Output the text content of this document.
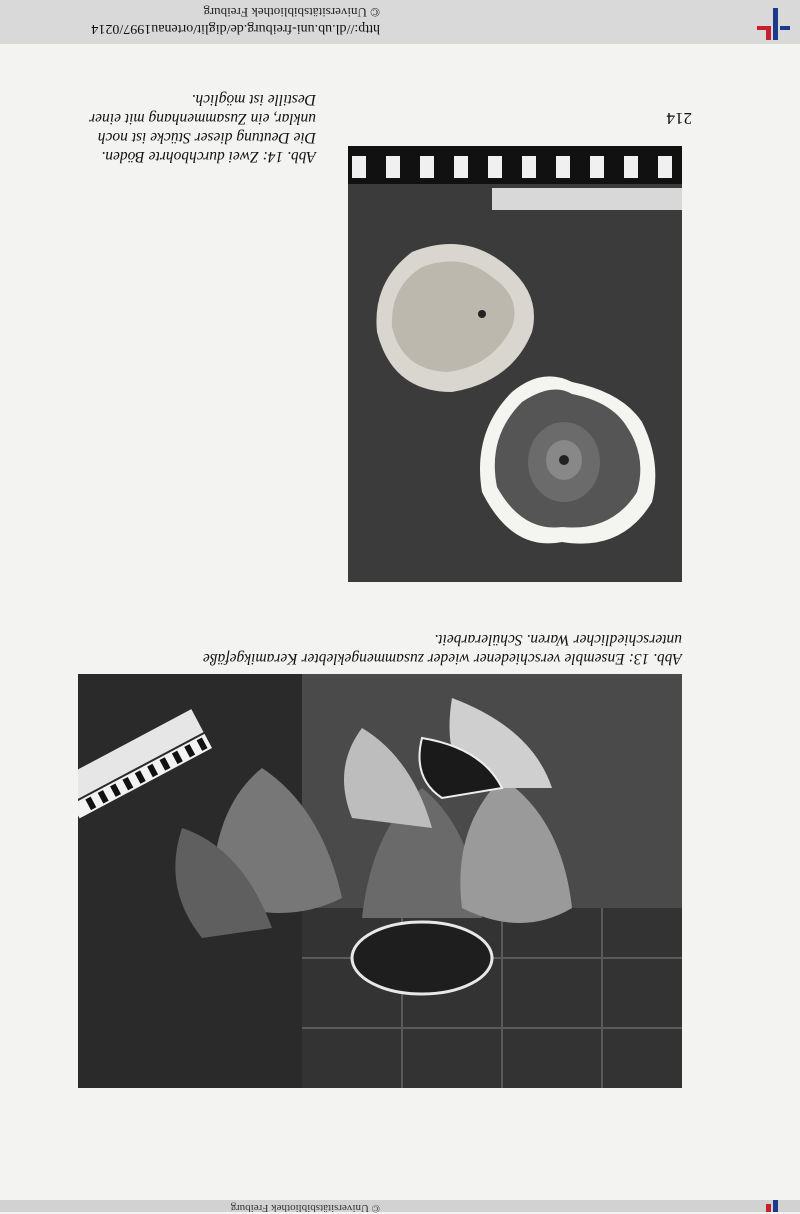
http://dl.ub.uni-freiburg.de/diglit/ortenau1997/0214
© Universitätsbibliothek Freiburg
© Universitätsbibliothek Freiburg
214
Abb. 14: Zwei durchbohrte Böden. Die Deutung dieser Stücke ist noch unklar, ein Zusammenhang mit einer Destille ist möglich.
Abb. 13: Ensemble verschiedener wieder zusammengeklebter Keramikgefäße unterschiedlicher Waren. Schülerarbeit.
